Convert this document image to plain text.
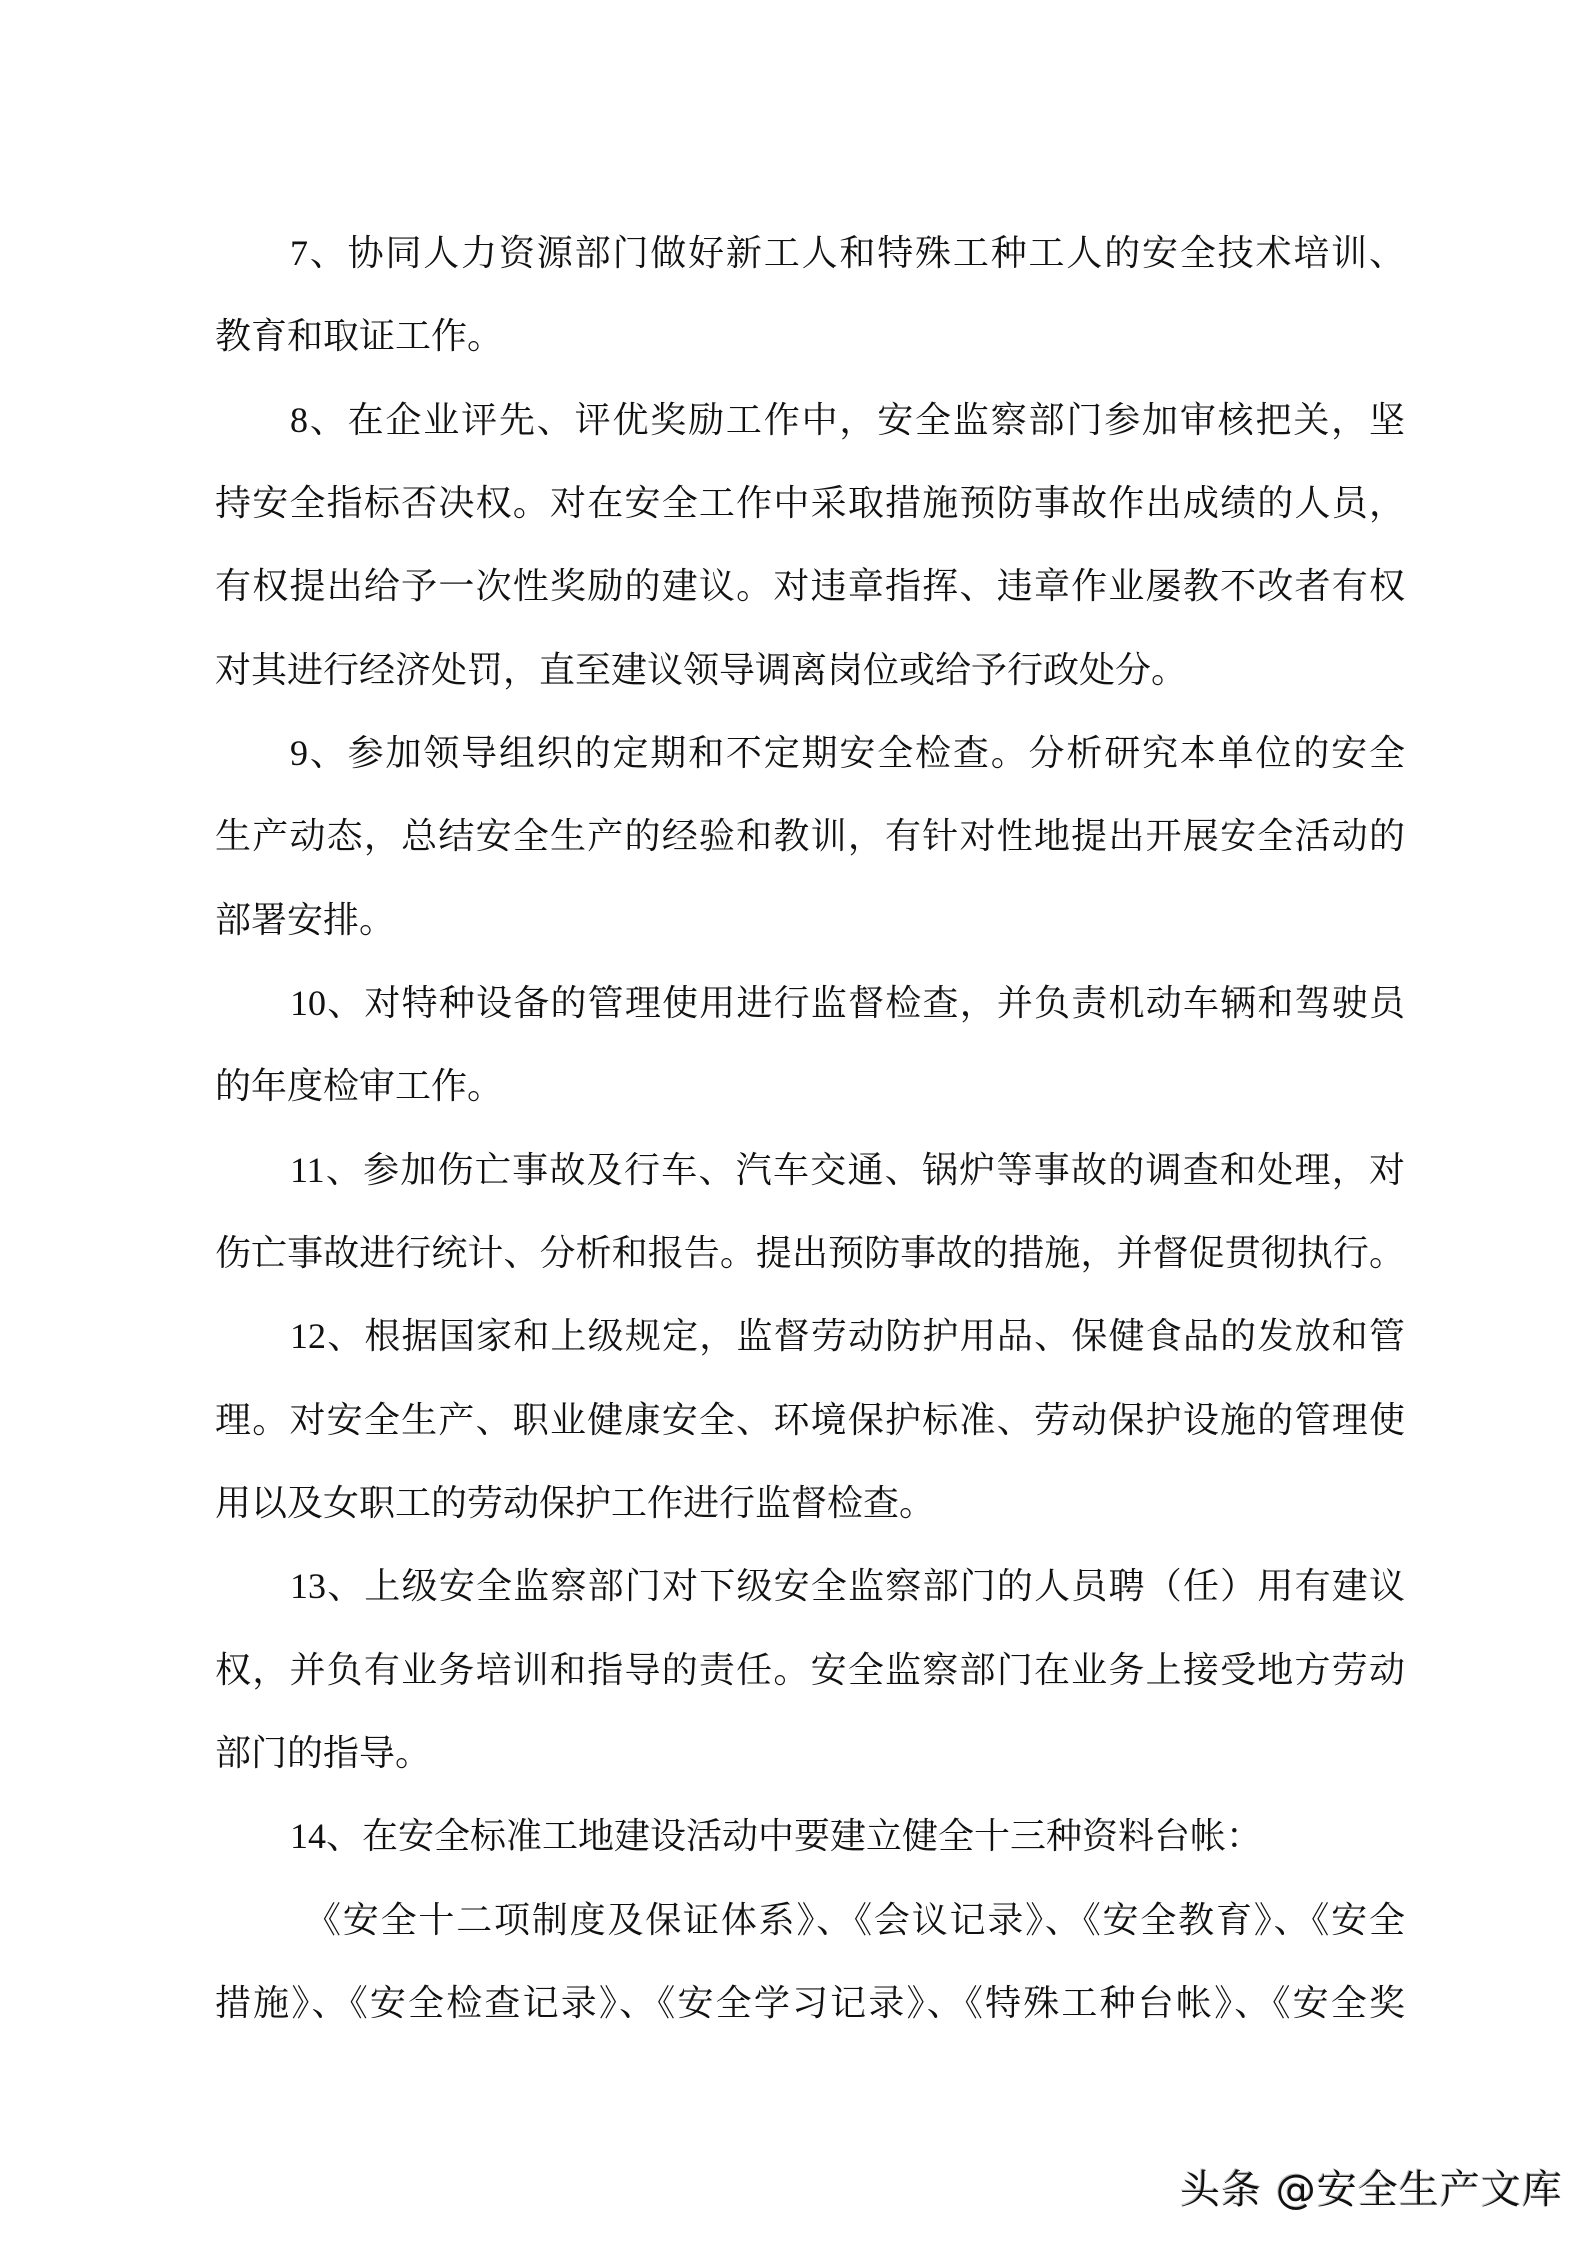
7、协同人力资源部门做好新工人和特殊工种工人的安全技术培训、
教育和取证工作。
8、在企业评先、评优奖励工作中，安全监察部门参加审核把关，坚
持安全指标否决权。对在安全工作中采取措施预防事故作出成绩的人员，
有权提出给予一次性奖励的建议。对违章指挥、违章作业屡教不改者有权
对其进行经济处罚，直至建议领导调离岗位或给予行政处分。
9、参加领导组织的定期和不定期安全检查。分析研究本单位的安全
生产动态，总结安全生产的经验和教训，有针对性地提出开展安全活动的
部署安排。
10、对特种设备的管理使用进行监督检查，并负责机动车辆和驾驶员
的年度检审工作。
11、参加伤亡事故及行车、汽车交通、锅炉等事故的调查和处理，对
伤亡事故进行统计、分析和报告。提出预防事故的措施，并督促贯彻执行。
12、根据国家和上级规定，监督劳动防护用品、保健食品的发放和管
理。对安全生产、职业健康安全、环境保护标准、劳动保护设施的管理使
用以及女职工的劳动保护工作进行监督检查。
13、上级安全监察部门对下级安全监察部门的人员聘（任）用有建议
权，并负有业务培训和指导的责任。安全监察部门在业务上接受地方劳动
部门的指导。
14、在安全标准工地建设活动中要建立健全十三种资料台帐：
《安全十二项制度及保证体系》、《会议记录》、《安全教育》、《安全
措施》、《安全检查记录》、《安全学习记录》、《特殊工种台帐》、《安全奖
头条 @安全生产文库
